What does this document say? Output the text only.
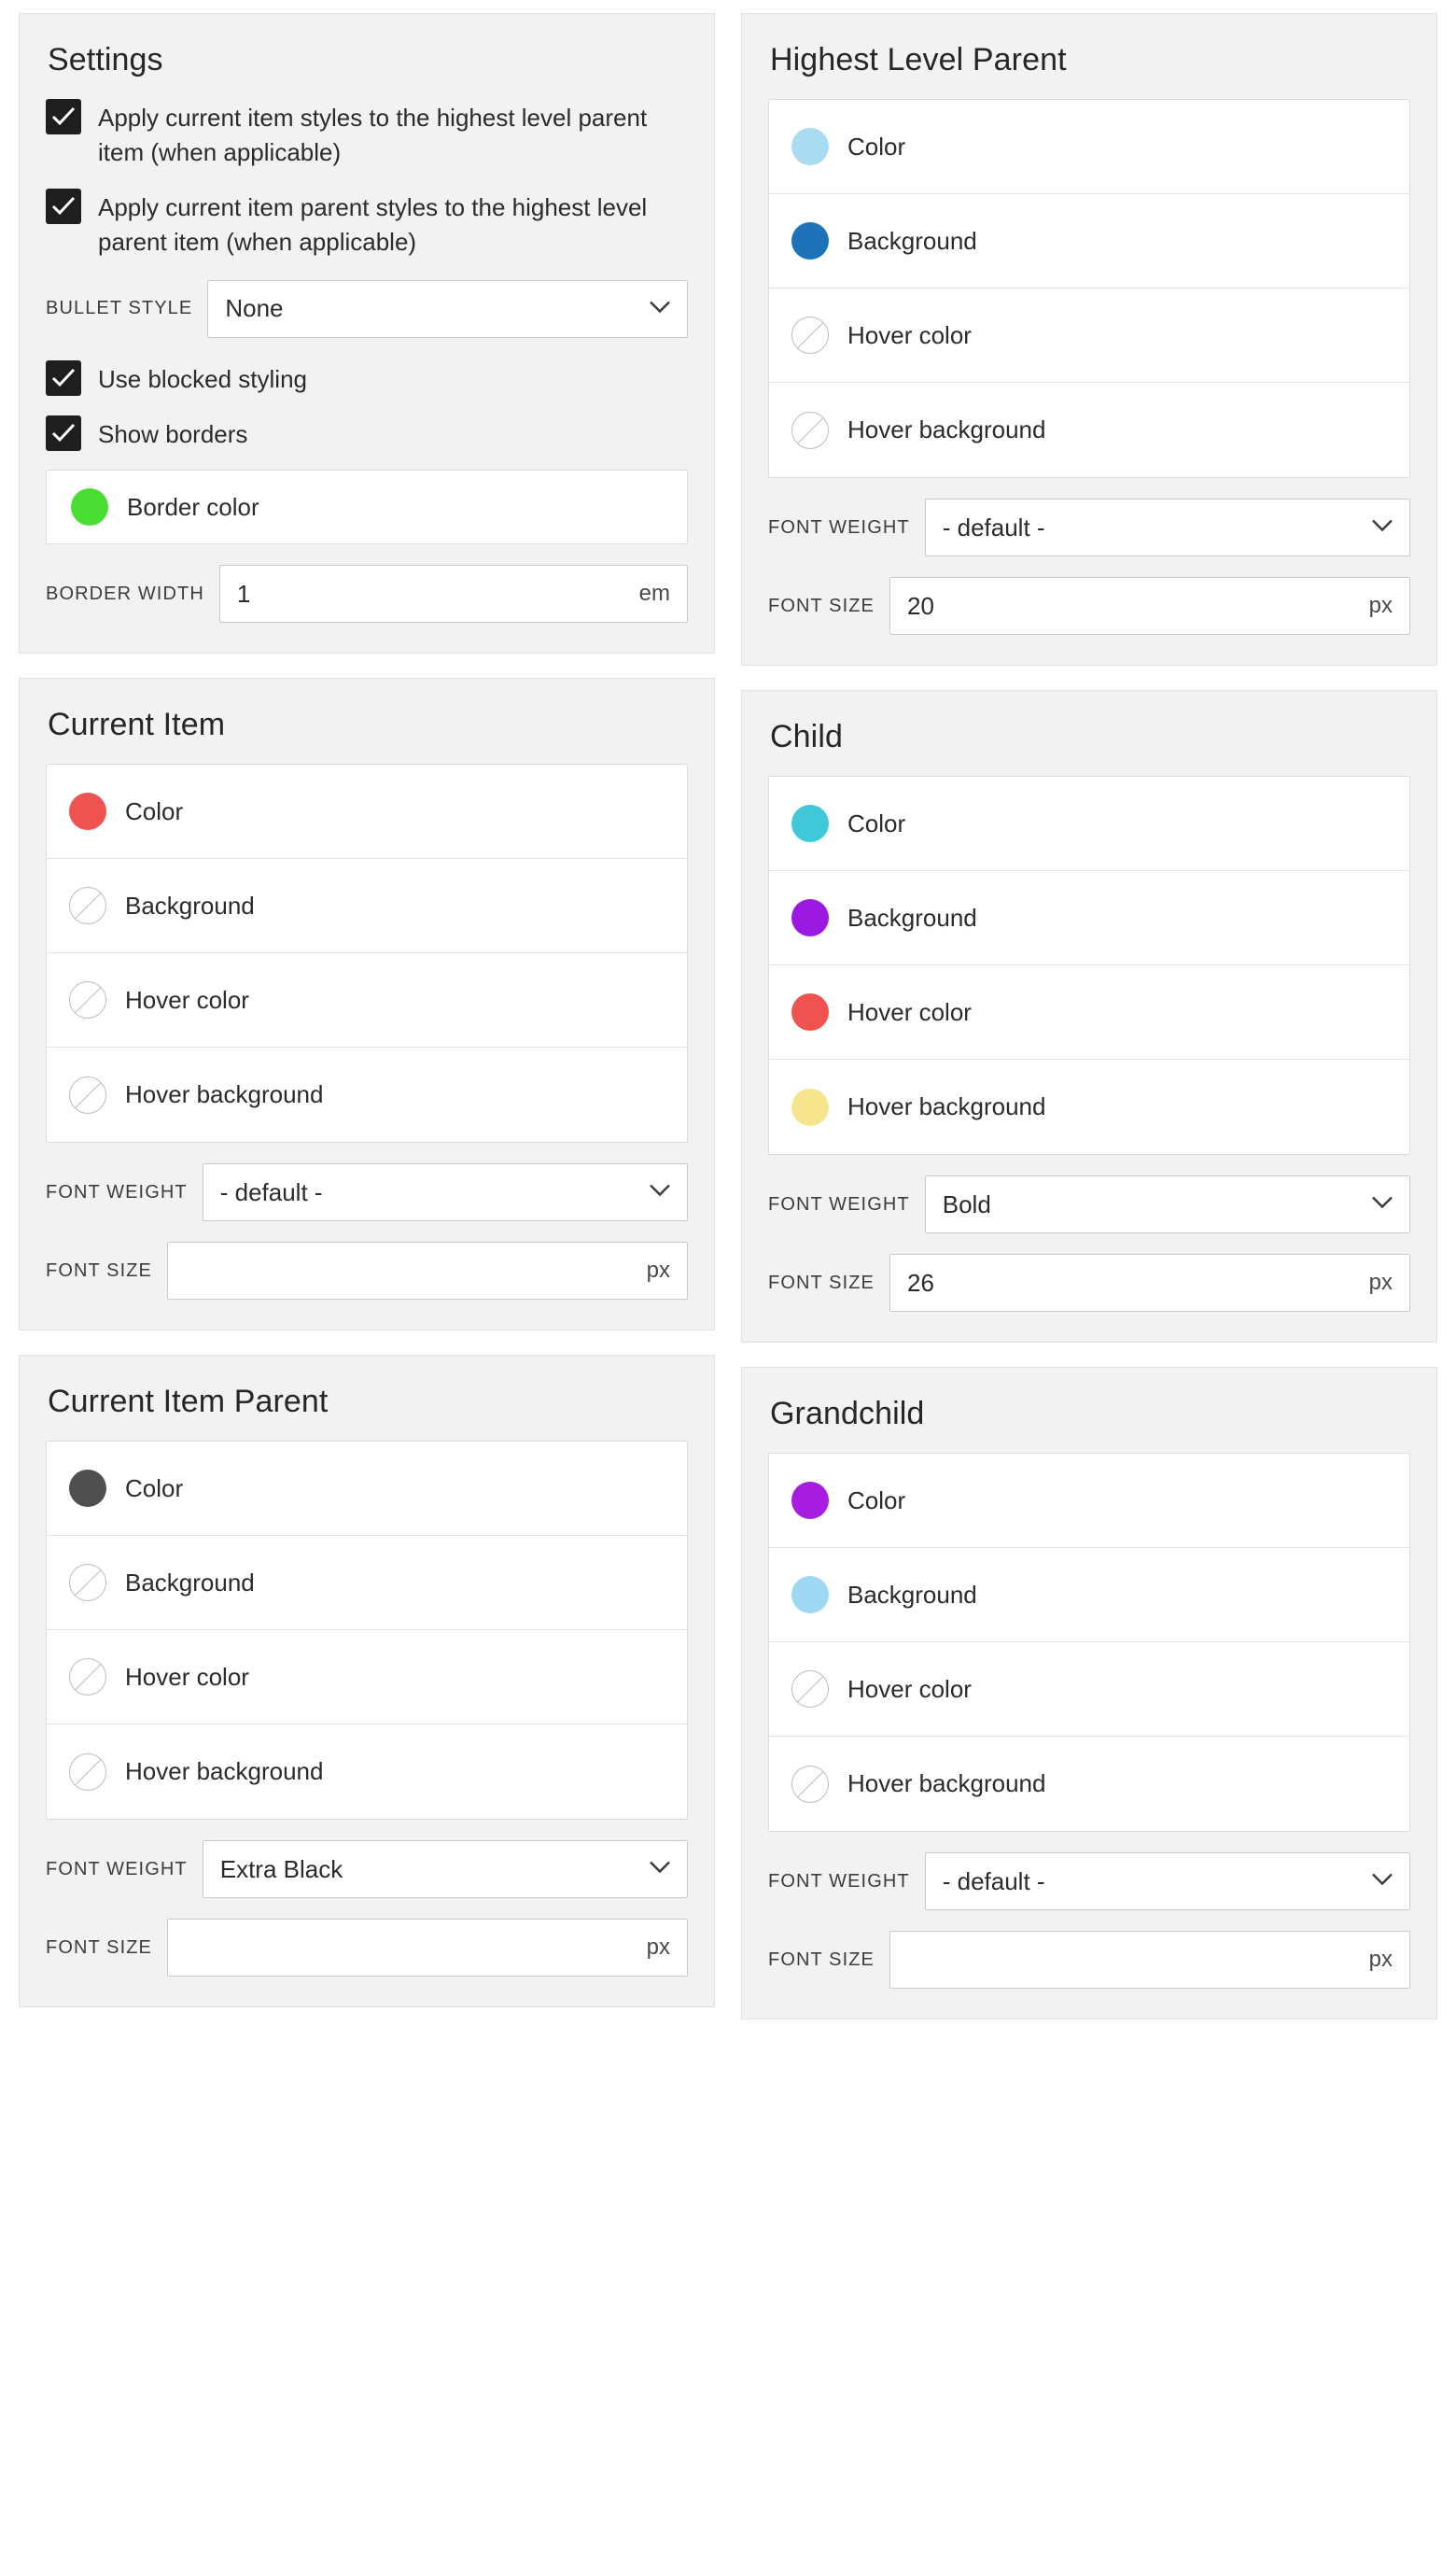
Settings
Apply current item styles to the highest level parent item (when applicable)
Apply current item parent styles to the highest level parent item (when applicable)
BULLET STYLE	None
Use blocked styling
Show borders
Border color
BORDER WIDTH 1	em
Current Item
Color
Background
Hover color
Hover background
FONT WEIGHT	- default -
FONT SIZE	px
Current Item Parent
Color
Background
Hover color
Hover background
FONT WEIGHT	Extra Black
FONT SIZE	px
Highest Level Parent
Color
Background
Hover color
Hover background
FONT WEIGHT	- default -
FONT SIZE 20	px
Child
Color
Background
Hover color
Hover background
FONT WEIGHT	Bold
FONT SIZE 26	px
Grandchild
Color
Background
Hover color
Hover background
FONT WEIGHT	- default -
FONT SIZE	px
